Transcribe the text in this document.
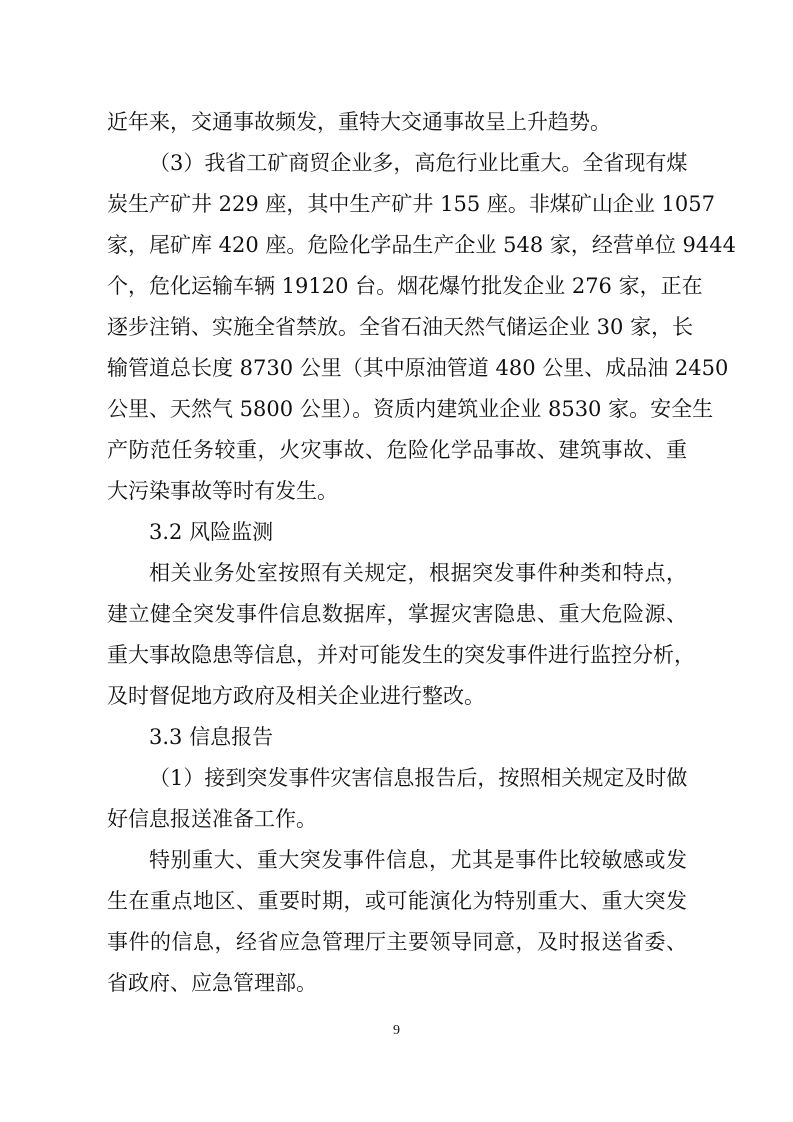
近年来，交通事故频发，重特大交通事故呈上升趋势。
（3）我省工矿商贸企业多，高危行业比重大。全省现有煤
炭生产矿井 229 座，其中生产矿井 155 座。非煤矿山企业 1057
家，尾矿库 420 座。危险化学品生产企业 548 家，经营单位 9444
个，危化运输车辆 19120 台。烟花爆竹批发企业 276 家，正在
逐步注销、实施全省禁放。全省石油天然气储运企业 30 家，长
输管道总长度 8730 公里（其中原油管道 480 公里、成品油 2450
公里、天然气 5800 公里）。资质内建筑业企业 8530 家。安全生
产防范任务较重，火灾事故、危险化学品事故、建筑事故、重
大污染事故等时有发生。
3.2 风险监测
相关业务处室按照有关规定，根据突发事件种类和特点，
建立健全突发事件信息数据库，掌握灾害隐患、重大危险源、
重大事故隐患等信息，并对可能发生的突发事件进行监控分析，
及时督促地方政府及相关企业进行整改。
3.3 信息报告
（1）接到突发事件灾害信息报告后，按照相关规定及时做
好信息报送准备工作。
特别重大、重大突发事件信息，尤其是事件比较敏感或发
生在重点地区、重要时期，或可能演化为特别重大、重大突发
事件的信息，经省应急管理厅主要领导同意，及时报送省委、
省政府、应急管理部。
9
